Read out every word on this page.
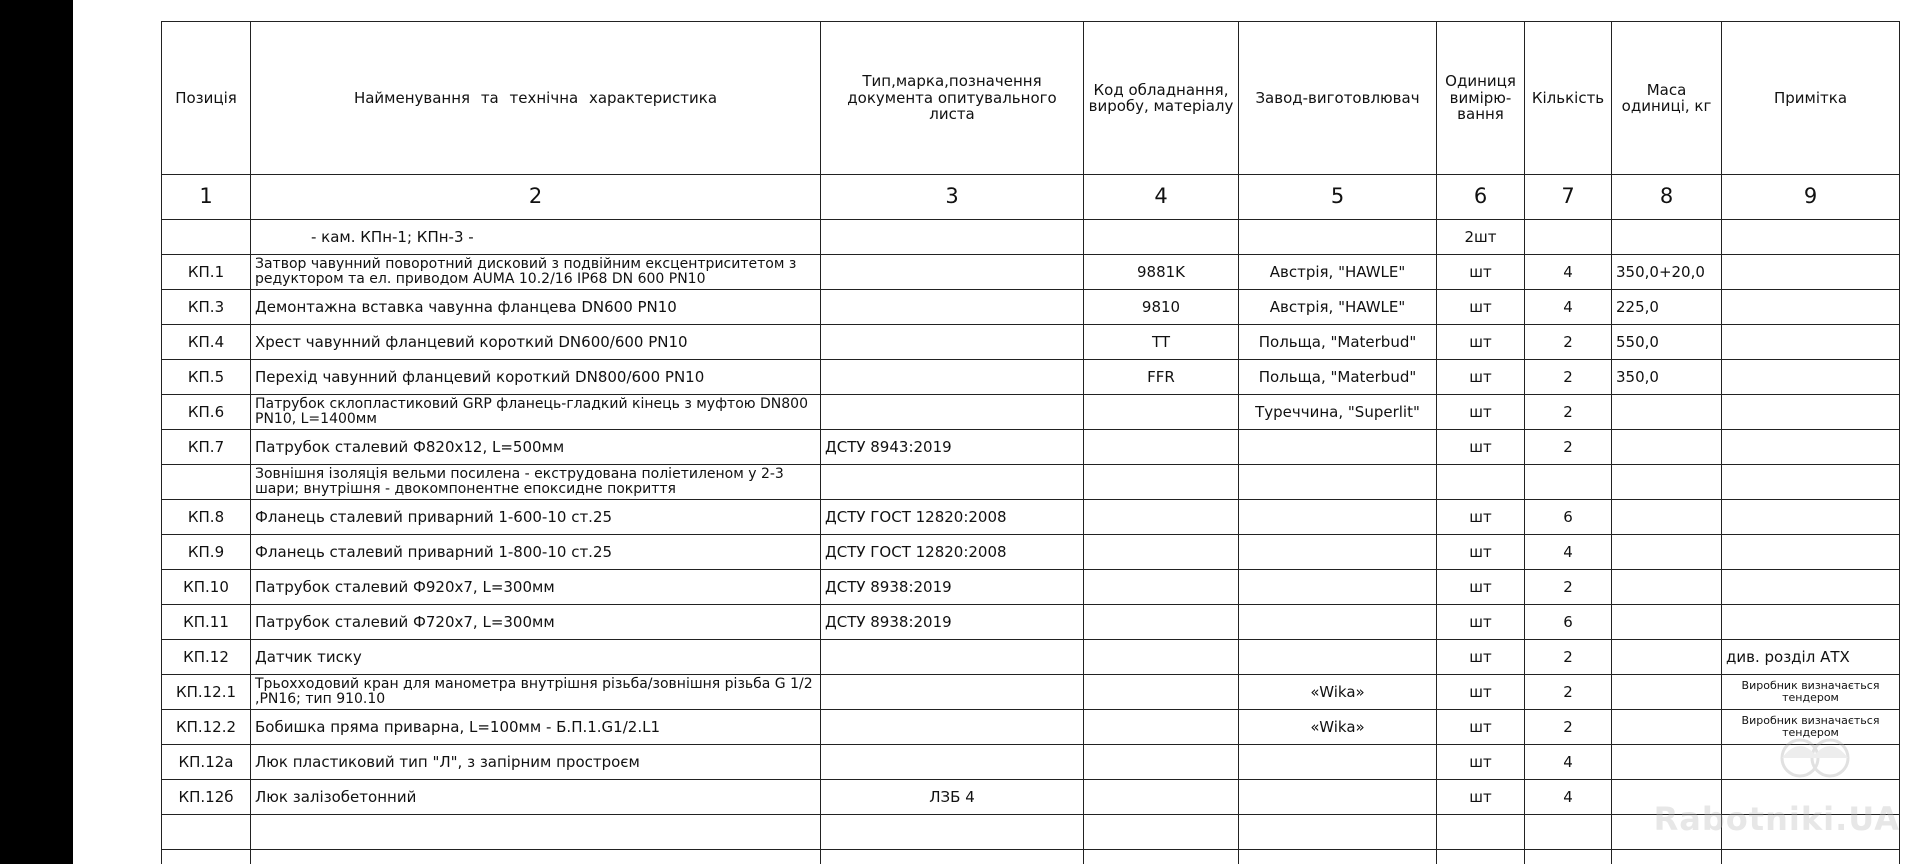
Позиція	Найменування та технічна характеристика	Тип,марка,позначення документа опитувального листа	Код обладнання, виробу, матеріалу	Завод-виготовлювач	Одиниця вимірю-вання	Кількість	Маса одиниці, кг	Примітка
1	2	3	4	5	6	7	8	9
	- кам. КПн-1; КПн-3 -				2шт			
КП.1	Затвор чавунний поворотний дисковий з подвійним ексцентриситетом з редуктором та ел. приводом AUMA 10.2/16 IP68 DN 600 PN10		9881K	Австрія, "HAWLE"	шт	4	350,0+20,0	
КП.3	Демонтажна вставка чавунна фланцева DN600 PN10		9810	Австрія, "HAWLE"	шт	4	225,0	
КП.4	Хрест чавунний фланцевий короткий DN600/600 PN10		TT	Польща, "Materbud"	шт	2	550,0	
КП.5	Перехід чавунний фланцевий короткий DN800/600 PN10		FFR	Польща, "Materbud"	шт	2	350,0	
КП.6	Патрубок склопластиковий GRP фланець-гладкий кінець з муфтою DN800 PN10, L=1400мм			Туреччина, "Superlit"	шт	2		
КП.7	Патрубок сталевий Ф820х12, L=500мм	ДСТУ 8943:2019			шт	2		
	Зовнішня ізоляція вельми посилена - екструдована поліетиленом у 2-3 шари; внутрішня - двокомпонентне епоксидне покриття							
КП.8	Фланець сталевий приварний 1-600-10 ст.25	ДСТУ ГОСТ 12820:2008			шт	6		
КП.9	Фланець сталевий приварний 1-800-10 ст.25	ДСТУ ГОСТ 12820:2008			шт	4		
КП.10	Патрубок сталевий Ф920х7, L=300мм	ДСТУ 8938:2019			шт	2		
КП.11	Патрубок сталевий Ф720х7, L=300мм	ДСТУ 8938:2019			шт	6		
КП.12	Датчик тиску				шт	2		див. розділ АТХ
КП.12.1	Трьохходовий кран для манометра внутрішня різьба/зовнішня різьба G 1/2 ,PN16; тип 910.10			«Wika»	шт	2		Виробник визначається тендером
КП.12.2	Бобишка пряма приварна, L=100мм - Б.П.1.G1/2.L1			«Wika»	шт	2		Виробник визначається тендером
КП.12а	Люк пластиковий тип "Л", з запірним простроєм				шт	4		
КП.12б	Люк залізобетонний	ЛЗБ 4			шт	4		

Rabotniki.UA
